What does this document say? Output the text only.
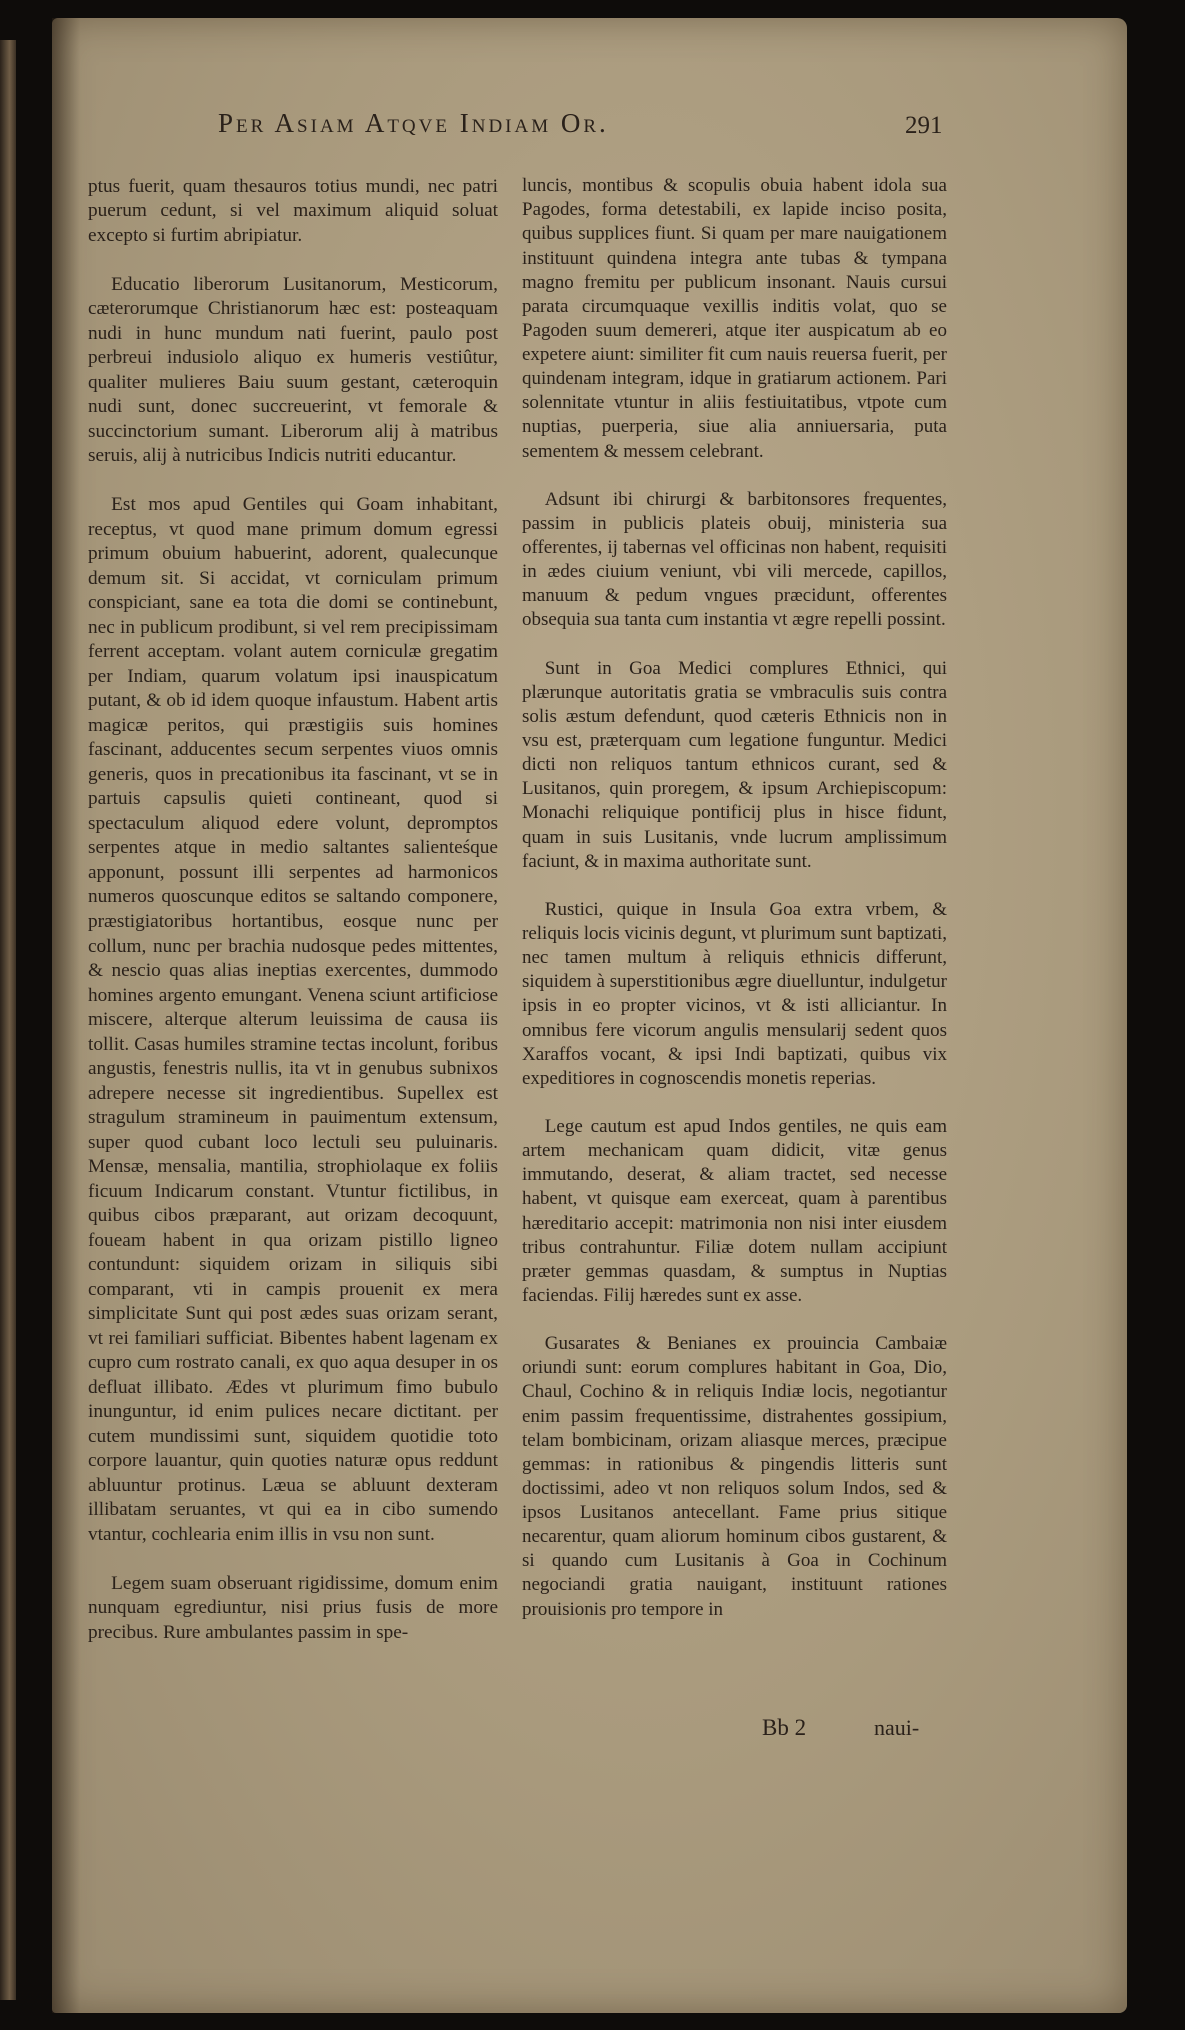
Per Asiam Atqve Indiam Or.	291

ptus fuerit, quam thesauros totius mundi, nec patri puerum cedunt, si vel maximum aliquid soluat excepto si furtim abripiatur.

Educatio liberorum Lusitanorum, Mesticorum, cæterorumque Christianorum hæc est: posteaquam nudi in hunc mundum nati fuerint, paulo post perbreui indusiolo aliquo ex humeris vestiûtur, qualiter mulieres Baiu suum gestant, cæteroquin nudi sunt, donec succreuerint, vt femorale & succinctorium sumant. Liberorum alij à matribus seruis, alij à nutricibus Indicis nutriti educantur.

Est mos apud Gentiles qui Goam inhabitant, receptus, vt quod mane primum domum egressi primum obuium habuerint, adorent, qualecunque demum sit. Si accidat, vt corniculam primum conspiciant, sane ea tota die domi se continebunt, nec in publicum prodibunt, si vel rem precipissimam ferrent acceptam. volant autem corniculæ gregatim per Indiam, quarum volatum ipsi inauspicatum putant, & ob id idem quoque infaustum. Habent artis magicæ peritos, qui præstigiis suis homines fascinant, adducentes secum serpentes viuos omnis generis, quos in precationibus ita fascinant, vt se in partuis capsulis quieti contineant, quod si spectaculum aliquod edere volunt, depromptos serpentes atque in medio saltantes salienteśque apponunt, possunt illi serpentes ad harmonicos numeros quoscunque editos se saltando componere, præstigiatoribus hortantibus, eosque nunc per collum, nunc per brachia nudosque pedes mittentes, & nescio quas alias ineptias exercentes, dummodo homines argento emungant. Venena sciunt artificiose miscere, alterque alterum leuissima de causa iis tollit. Casas humiles stramine tectas incolunt, foribus angustis, fenestris nullis, ita vt in genubus subnixos adrepere necesse sit ingredientibus. Supellex est stragulum stramineum in pauimentum extensum, super quod cubant loco lectuli seu puluinaris. Mensæ, mensalia, mantilia, strophiolaque ex foliis ficuum Indicarum constant. Vtuntur fictilibus, in quibus cibos præparant, aut orizam decoquunt, foueam habent in qua orizam pistillo ligneo contundunt: siquidem orizam in siliquis sibi comparant, vti in campis prouenit ex mera simplicitate Sunt qui post ædes suas orizam serant, vt rei familiari sufficiat. Bibentes habent lagenam ex cupro cum rostrato canali, ex quo aqua desuper in os defluat illibato. Ædes vt plurimum fimo bubulo inunguntur, id enim pulices necare dictitant. per cutem mundissimi sunt, siquidem quotidie toto corpore lauantur, quin quoties naturæ opus reddunt abluuntur protinus. Læua se abluunt dexteram illibatam seruantes, vt qui ea in cibo sumendo vtantur, cochlearia enim illis in vsu non sunt.

Legem suam obseruant rigidissime, domum enim nunquam egrediuntur, nisi prius fusis de more precibus. Rure ambulantes passim in spe-

luncis, montibus & scopulis obuia habent idola sua Pagodes, forma detestabili, ex lapide inciso posita, quibus supplices fiunt. Si quam per mare nauigationem instituunt quindena integra ante tubas & tympana magno fremitu per publicum insonant. Nauis cursui parata circumquaque vexillis inditis volat, quo se Pagoden suum demereri, atque iter auspicatum ab eo expetere aiunt: similiter fit cum nauis reuersa fuerit, per quindenam integram, idque in gratiarum actionem. Pari solennitate vtuntur in aliis festiuitatibus, vtpote cum nuptias, puerperia, siue alia anniuersaria, puta sementem & messem celebrant.

Adsunt ibi chirurgi & barbitonsores frequentes, passim in publicis plateis obuij, ministeria sua offerentes, ij tabernas vel officinas non habent, requisiti in ædes ciuium veniunt, vbi vili mercede, capillos, manuum & pedum vngues præcidunt, offerentes obsequia sua tanta cum instantia vt ægre repelli possint.

Sunt in Goa Medici complures Ethnici, qui plærunque autoritatis gratia se vmbraculis suis contra solis æstum defendunt, quod cæteris Ethnicis non in vsu est, præterquam cum legatione funguntur. Medici dicti non reliquos tantum ethnicos curant, sed & Lusitanos, quin proregem, & ipsum Archiepiscopum: Monachi reliquique pontificij plus in hisce fidunt, quam in suis Lusitanis, vnde lucrum amplissimum faciunt, & in maxima authoritate sunt.

Rustici, quique in Insula Goa extra vrbem, & reliquis locis vicinis degunt, vt plurimum sunt baptizati, nec tamen multum à reliquis ethnicis differunt, siquidem à superstitionibus ægre diuelluntur, indulgetur ipsis in eo propter vicinos, vt & isti alliciantur. In omnibus fere vicorum angulis mensularij sedent quos Xaraffos vocant, & ipsi Indi baptizati, quibus vix expeditiores in cognoscendis monetis reperias.

Lege cautum est apud Indos gentiles, ne quis eam artem mechanicam quam didicit, vitæ genus immutando, deserat, & aliam tractet, sed necesse habent, vt quisque eam exerceat, quam à parentibus hæreditario accepit: matrimonia non nisi inter eiusdem tribus contrahuntur. Filiæ dotem nullam accipiunt præter gemmas quasdam, & sumptus in Nuptias faciendas. Filij hæredes sunt ex asse.

Gusarates & Benianes ex prouincia Cambaiæ oriundi sunt: eorum complures habitant in Goa, Dio, Chaul, Cochino & in reliquis Indiæ locis, negotiantur enim passim frequentissime, distrahentes gossipium, telam bombicinam, orizam aliasque merces, præcipue gemmas: in rationibus & pingendis litteris sunt doctissimi, adeo vt non reliquos solum Indos, sed & ipsos Lusitanos antecellant. Fame prius sitique necarentur, quam aliorum hominum cibos gustarent, & si quando cum Lusitanis à Goa in Cochinum negociandi gratia nauigant, instituunt rationes prouisionis pro tempore in

Bb 2	naui-
